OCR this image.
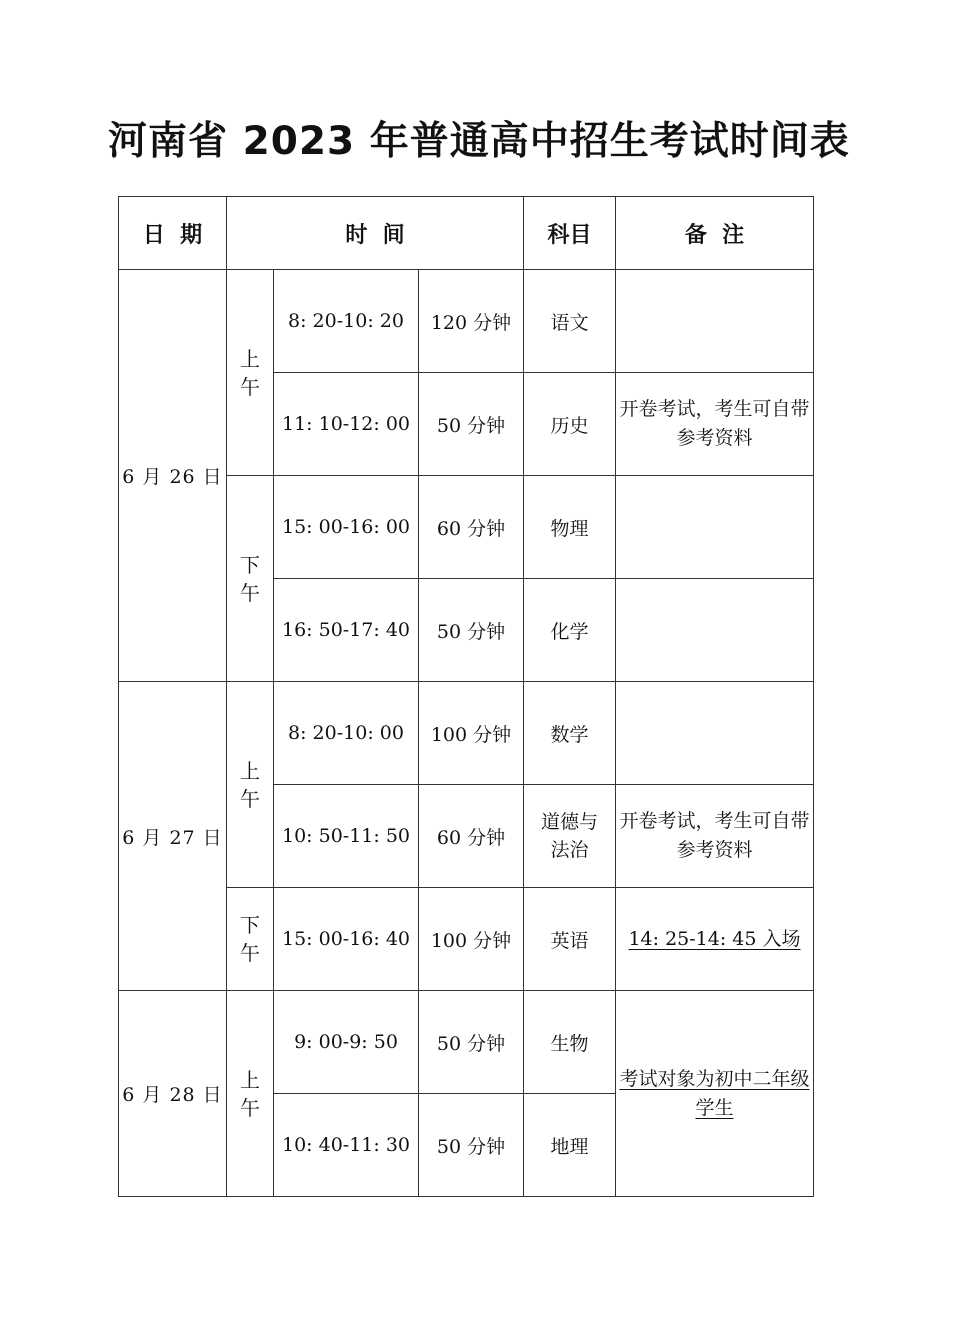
河南省 2023 年普通高中招生考试时间表
日  期	时  间			科目	备  注
6 月 26 日	上午	8: 20-10: 20	120 分钟	语文	
		11: 10-12: 00	50 分钟	历史	开卷考试，考生可自带参考资料
	下午	15: 00-16: 00	60 分钟	物理	
		16: 50-17: 40	50 分钟	化学	
6 月 27 日	上午	8: 20-10: 00	100 分钟	数学	
		10: 50-11: 50	60 分钟	道德与法治	开卷考试，考生可自带参考资料
	下午	15: 00-16: 40	100 分钟	英语	14: 25-14: 45 入场
6 月 28 日	上午	9: 00-9: 50	50 分钟	生物	考试对象为初中二年级学生
		10: 40-11: 30	50 分钟	地理	
